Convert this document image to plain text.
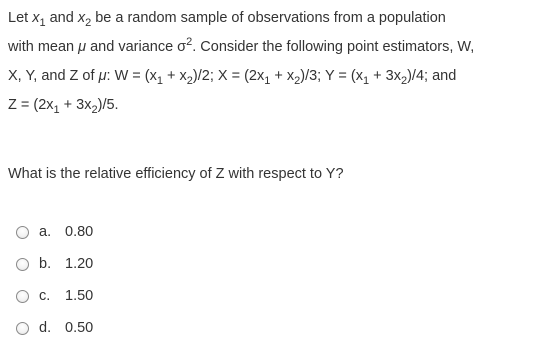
Let $x_1$ and $x_2$ be a random sample of observations from a population

with mean μ and variance $\sigma^2$. Consider the following point estimators, W,

X, Y, and Z of μ: $W = (x_1 + x_2)/2$; $X = (2x_1 + x_2)/3$; $Y = (x_1 + 3x_2)/4$; and

$Z = (2x_1 + 3x_2)/5$.

What is the relative efficiency of Z with respect to Y?
a. 0.80
b. 1.20
c.	1.50
d. 0.50
